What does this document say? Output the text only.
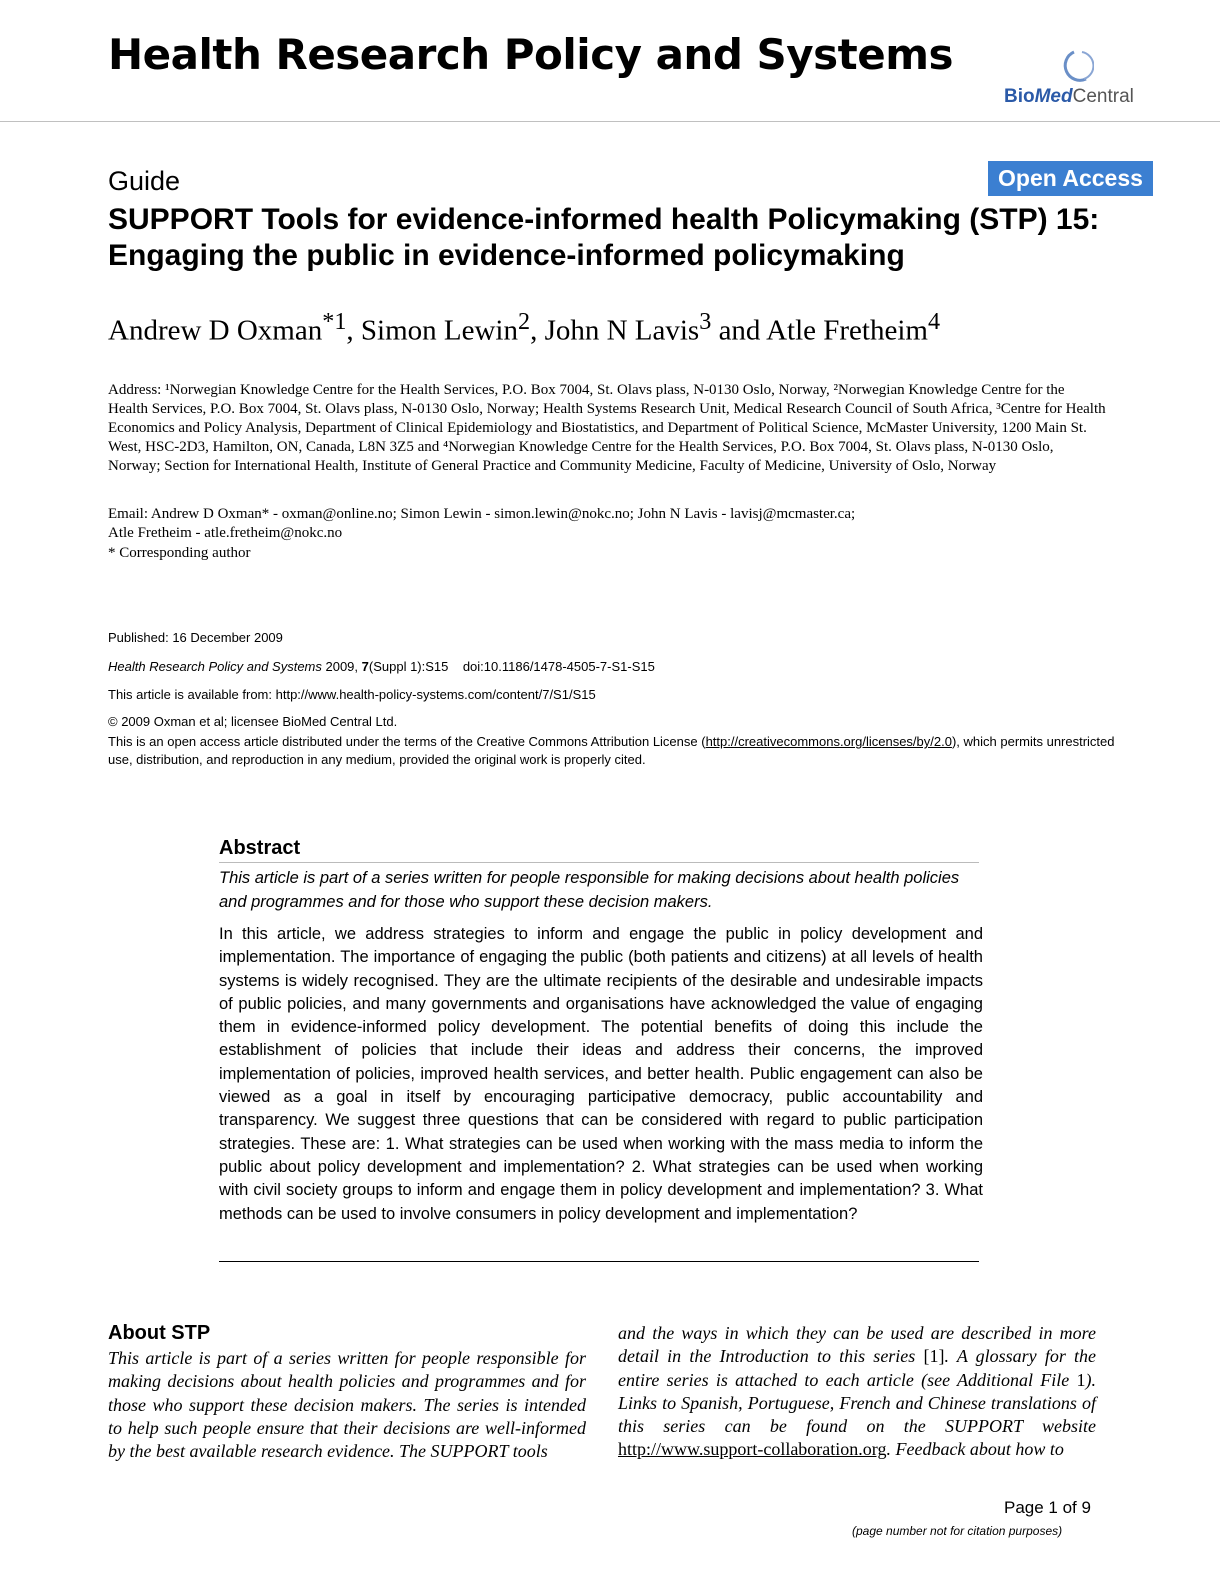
Health Research Policy and Systems
BioMedCentral
Guide	Open Access
SUPPORT Tools for evidence-informed health Policymaking (STP) 15: Engaging the public in evidence-informed policymaking
Andrew D Oxman$^{*1}$, Simon Lewin$^2$, John N Lavis$^3$ and Atle Fretheim$^4$
Address: ¹Norwegian Knowledge Centre for the Health Services, P.O. Box 7004, St. Olavs plass, N-0130 Oslo, Norway, ²Norwegian Knowledge Centre for the Health Services, P.O. Box 7004, St. Olavs plass, N-0130 Oslo, Norway; Health Systems Research Unit, Medical Research Council of South Africa, ³Centre for Health Economics and Policy Analysis, Department of Clinical Epidemiology and Biostatistics, and Department of Political Science, McMaster University, 1200 Main St. West, HSC-2D3, Hamilton, ON, Canada, L8N 3Z5 and ⁴Norwegian Knowledge Centre for the Health Services, P.O. Box 7004, St. Olavs plass, N-0130 Oslo, Norway; Section for International Health, Institute of General Practice and Community Medicine, Faculty of Medicine, University of Oslo, Norway
Email: Andrew D Oxman* - oxman@online.no; Simon Lewin - simon.lewin@nokc.no; John N Lavis - lavisj@mcmaster.ca;
Atle Fretheim - atle.fretheim@nokc.no
* Corresponding author
Published: 16 December 2009
Health Research Policy and Systems 2009, 7(Suppl 1):S15 doi:10.1186/1478-4505-7-S1-S15
This article is available from: http://www.health-policy-systems.com/content/7/S1/S15
© 2009 Oxman et al; licensee BioMed Central Ltd.
This is an open access article distributed under the terms of the Creative Commons Attribution License (http://creativecommons.org/licenses/by/2.0), which permits unrestricted use, distribution, and reproduction in any medium, provided the original work is properly cited.
Abstract
This article is part of a series written for people responsible for making decisions about health policies and programmes and for those who support these decision makers.
In this article, we address strategies to inform and engage the public in policy development and implementation. The importance of engaging the public (both patients and citizens) at all levels of health systems is widely recognised. They are the ultimate recipients of the desirable and undesirable impacts of public policies, and many governments and organisations have acknowledged the value of engaging them in evidence-informed policy development. The potential benefits of doing this include the establishment of policies that include their ideas and address their concerns, the improved implementation of policies, improved health services, and better health. Public engagement can also be viewed as a goal in itself by encouraging participative democracy, public accountability and transparency. We suggest three questions that can be considered with regard to public participation strategies. These are: 1. What strategies can be used when working with the mass media to inform the public about policy development and implementation? 2. What strategies can be used when working with civil society groups to inform and engage them in policy development and implementation? 3. What methods can be used to involve consumers in policy development and implementation?
About STP
This article is part of a series written for people responsible for making decisions about health policies and programmes and for those who support these decision makers. The series is intended to help such people ensure that their decisions are well-informed by the best available research evidence. The SUPPORT tools
and the ways in which they can be used are described in more detail in the Introduction to this series [1]. A glossary for the entire series is attached to each article (see Additional File 1). Links to Spanish, Portuguese, French and Chinese translations of this series can be found on the SUPPORT website http://www.support-collaboration.org. Feedback about how to
Page 1 of 9
(page number not for citation purposes)
